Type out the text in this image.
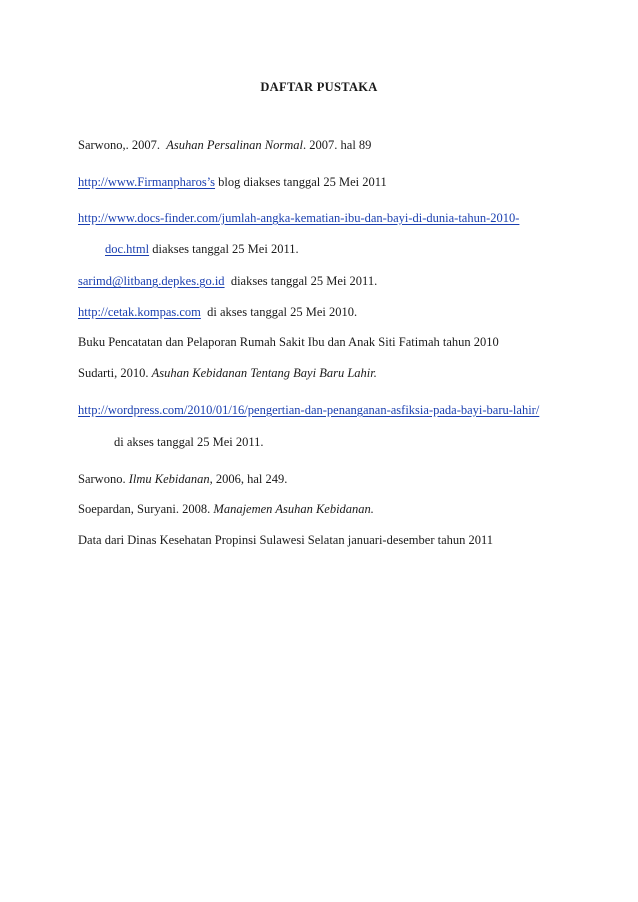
DAFTAR PUSTAKA
Sarwono,. 2007. Asuhan Persalinan Normal. 2007. hal 89
http://www.Firmanpharos’s blog diakses tanggal 25 Mei 2011
http://www.docs-finder.com/jumlah-angka-kematian-ibu-dan-bayi-di-dunia-tahun-2010-
doc.html diakses tanggal 25 Mei 2011.
sarimd@litbang.depkes.go.id diakses tanggal 25 Mei 2011.
http://cetak.kompas.com di akses tanggal 25 Mei 2010.
Buku Pencatatan dan Pelaporan Rumah Sakit Ibu dan Anak Siti Fatimah tahun 2010
Sudarti, 2010. Asuhan Kebidanan Tentang Bayi Baru Lahir.
http://wordpress.com/2010/01/16/pengertian-dan-penanganan-asfiksia-pada-bayi-baru-lahir/
di akses tanggal 25 Mei 2011.
Sarwono. Ilmu Kebidanan, 2006, hal 249.
Soepardan, Suryani. 2008. Manajemen Asuhan Kebidanan.
Data dari Dinas Kesehatan Propinsi Sulawesi Selatan januari-desember tahun 2011
